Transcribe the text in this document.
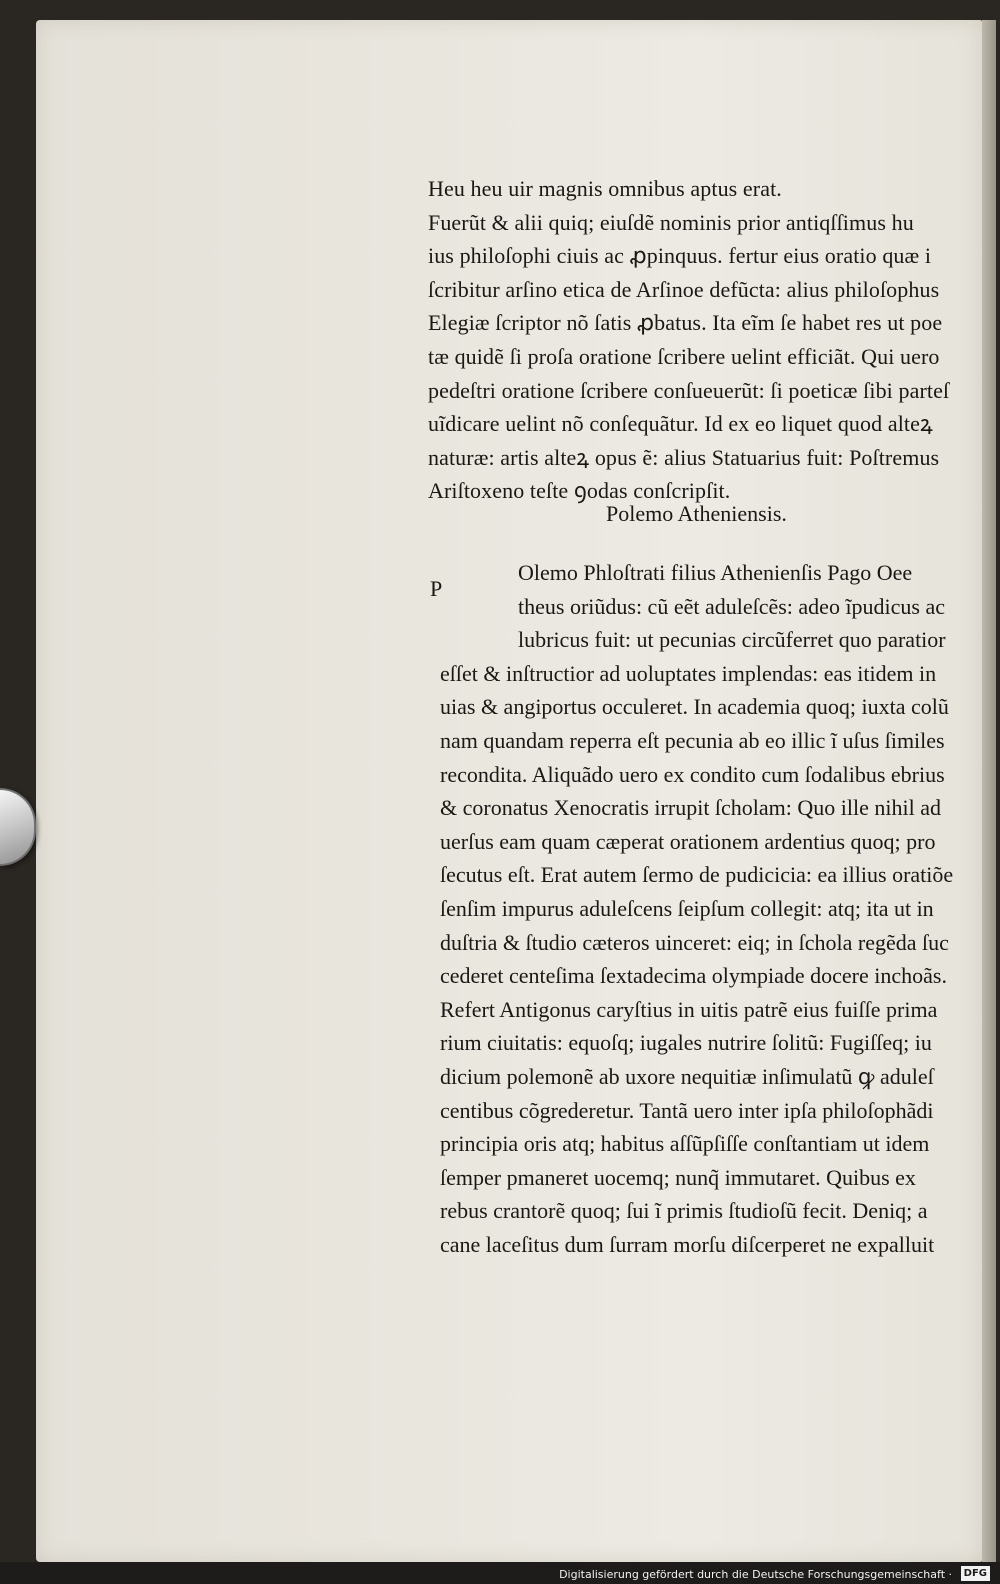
Heu heu uir magnis omnibus aptus erat.
Fuerũt & alii quiq; eiuſdẽ nominis prior antiqſſimus hu
ius philoſophi ciuis ac ꝓpinquus. fertur eius oratio quæ i
ſcribitur arſino etica de Arſinoe defũcta: alius philoſophus
Elegiæ ſcriptor nõ ſatis ꝓbatus. Ita eĩm ſe habet res ut poe
tæ quidẽ ſi proſa oratione ſcribere uelint efficiãt. Qui uero
pedeſtri oratione ſcribere conſueuerũt: ſi poeticæ ſibi parteſ
uĩdicare uelint nõ conſequãtur. Id ex eo liquet quod alteꝝ
naturæ: artis alteꝝ opus ẽ: alius Statuarius fuit: Poſtremus
Ariſtoxeno teſte ꝯodas conſcripſit.
Polemo Atheniensis.
P
Olemo Phloſtrati filius Athenienſis Pago Oee
theus oriũdus: cũ eẽt adulеſcẽs: adeo ĩpudicus ac
lubricus fuit: ut pecunias circũferret quo paratior
eſſet & inſtructior ad uoluptates implendas: eas itidem in
uias & angiportus occuleret. In academia quoq; iuxta colũ
nam quandam reperra eſt pecunia ab eo illic ĩ uſus ſimiles
recondita. Aliquãdo uero ex condito cum ſodalibus ebrius
& coronatus Xenocratis irrupit ſcholam: Quo ille nihil ad
uerſus eam quam cæperat orationem ardentius quoq; pro
ſecutus eſt. Erat autem ſermo de pudicicia: ea illius oratiõe
ſenſim impurus adulеſcens ſeipſum collegit: atq; ita ut in
duſtria & ſtudio cæteros uinceret: eiq; in ſchola regẽda ſuc
cederet centeſima ſextadecima olympiade docere inchoãs.
Refert Antigonus caryſtius in uitis patrẽ eius fuiſſe prima
rium ciuitatis: equoſq; iugales nutrire ſolitũ: Fugiſſeq; iu
dicium polemonẽ ab uxore nequitiæ inſimulatũ ꝙ adulеſ
centibus cõgrederetur. Tantã uero inter ipſa philoſophãdi
principia oris atq; habitus aſſũpſiſſe conſtantiam ut idem
ſemper pmaneret uocemq; nunq̃ immutaret. Quibus ex
rebus crantorẽ quoq; ſui ĩ primis ſtudioſũ fecit. Deniq; a
cane laceſitus dum ſurram morſu diſcerperet ne expalluit
Digitalisierung gefördert durch die Deutsche Forschungsgemeinschaft ·	DFG
